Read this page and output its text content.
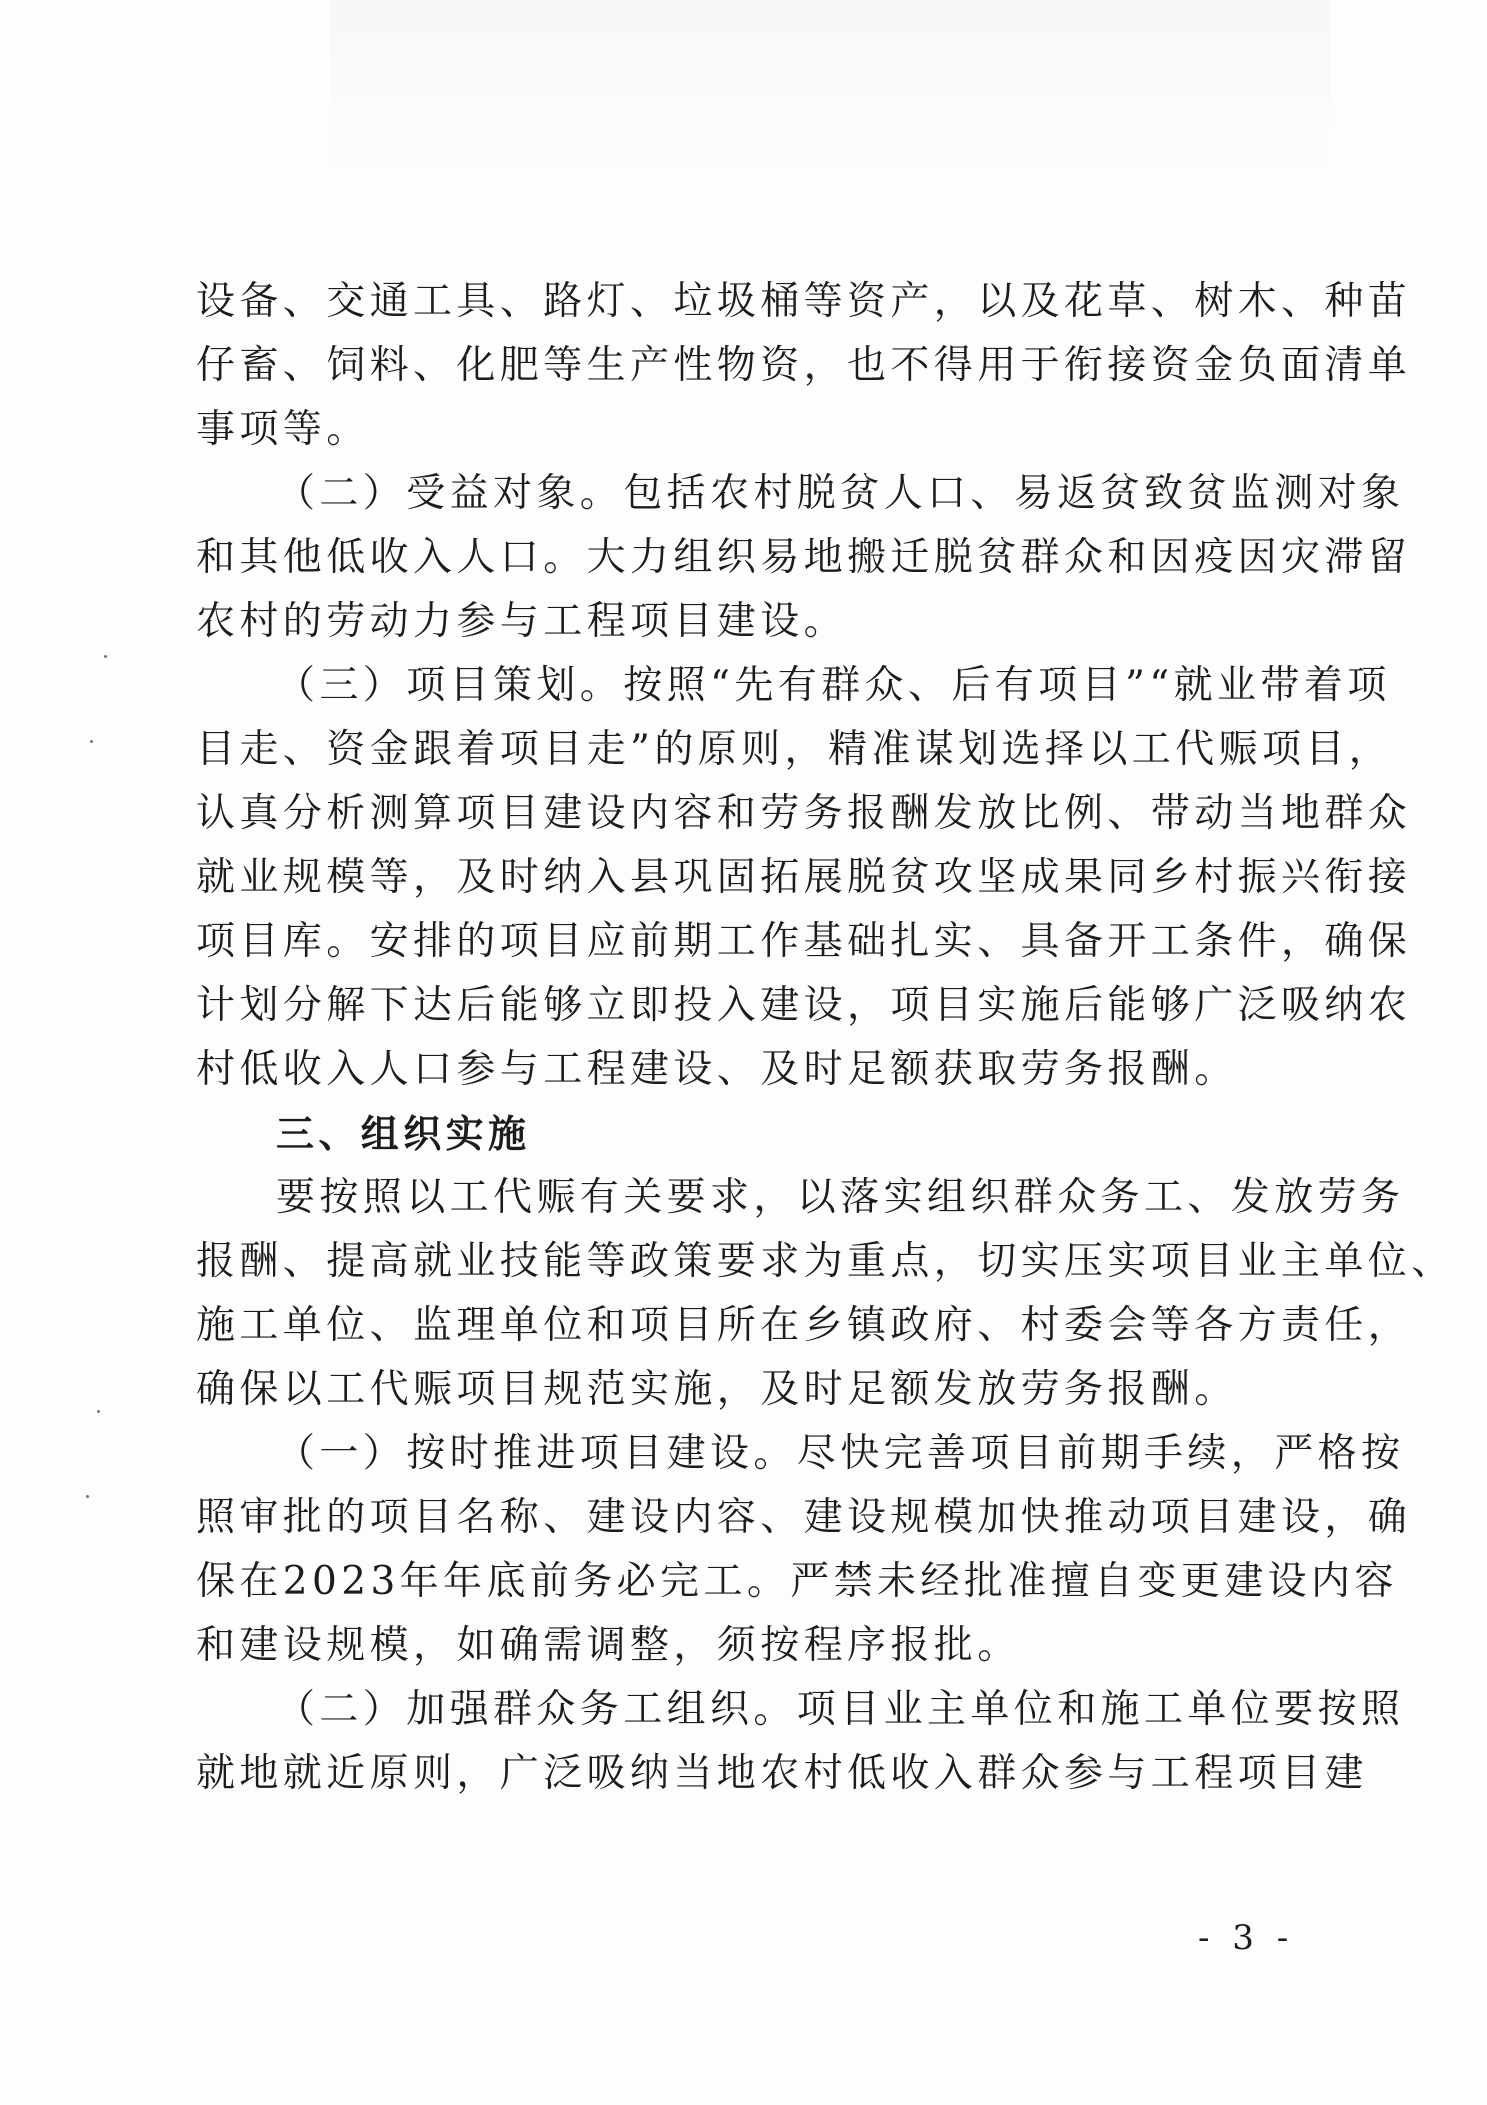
设备、交通工具、路灯、垃圾桶等资产，以及花草、树木、种苗
仔畜、饲料、化肥等生产性物资，也不得用于衔接资金负面清单
事项等。
（二）受益对象。包括农村脱贫人口、易返贫致贫监测对象
和其他低收入人口。大力组织易地搬迁脱贫群众和因疫因灾滞留
农村的劳动力参与工程项目建设。
（三）项目策划。按照“先有群众、后有项目”“就业带着项
目走、资金跟着项目走”的原则，精准谋划选择以工代赈项目，
认真分析测算项目建设内容和劳务报酬发放比例、带动当地群众
就业规模等，及时纳入县巩固拓展脱贫攻坚成果同乡村振兴衔接
项目库。安排的项目应前期工作基础扎实、具备开工条件，确保
计划分解下达后能够立即投入建设，项目实施后能够广泛吸纳农
村低收入人口参与工程建设、及时足额获取劳务报酬。
三、组织实施
要按照以工代赈有关要求，以落实组织群众务工、发放劳务
报酬、提高就业技能等政策要求为重点，切实压实项目业主单位、
施工单位、监理单位和项目所在乡镇政府、村委会等各方责任，
确保以工代赈项目规范实施，及时足额发放劳务报酬。
（一）按时推进项目建设。尽快完善项目前期手续，严格按
照审批的项目名称、建设内容、建设规模加快推动项目建设，确
保在2023年年底前务必完工。严禁未经批准擅自变更建设内容
和建设规模，如确需调整，须按程序报批。
（二）加强群众务工组织。项目业主单位和施工单位要按照
就地就近原则，广泛吸纳当地农村低收入群众参与工程项目建
- 3 -
